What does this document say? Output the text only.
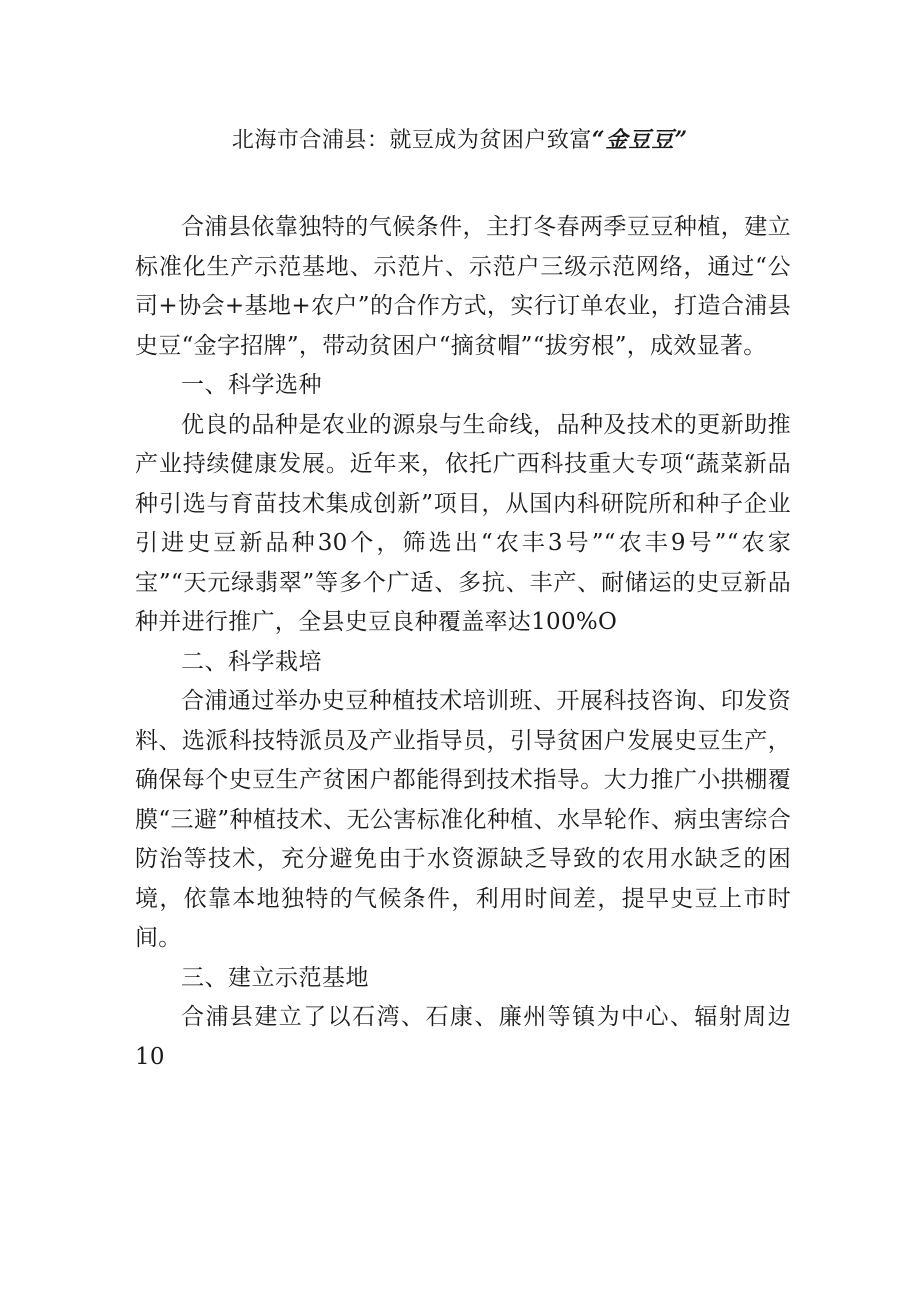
北海市合浦县：就豆成为贫困户致富“金豆豆”

合浦县依靠独特的气候条件，主打冬春两季豆豆种植，建立标准化生产示范基地、示范片、示范户三级示范网络，通过“公司+协会+基地+农户”的合作方式，实行订单农业，打造合浦县史豆“金字招牌”，带动贫困户“摘贫帽”“拔穷根”，成效显著。

一、科学选种

优良的品种是农业的源泉与生命线，品种及技术的更新助推产业持续健康发展。近年来，依托广西科技重大专项“蔬菜新品种引选与育苗技术集成创新”项目，从国内科研院所和种子企业引进史豆新品种30个，筛选出“农丰3号”“农丰9号”“农家宝”“天元绿翡翠”等多个广适、多抗、丰产、耐储运的史豆新品种并进行推广，全县史豆良种覆盖率达100%O

二、科学栽培

合浦通过举办史豆种植技术培训班、开展科技咨询、印发资料、选派科技特派员及产业指导员，引导贫困户发展史豆生产，确保每个史豆生产贫困户都能得到技术指导。大力推广小拱棚覆膜“三避”种植技术、无公害标准化种植、水旱轮作、病虫害综合防治等技术，充分避免由于水资源缺乏导致的农用水缺乏的困境，依靠本地独特的气候条件，利用时间差，提早史豆上市时间。

三、建立示范基地

合浦县建立了以石湾、石康、廉州等镇为中心、辐射周边10
